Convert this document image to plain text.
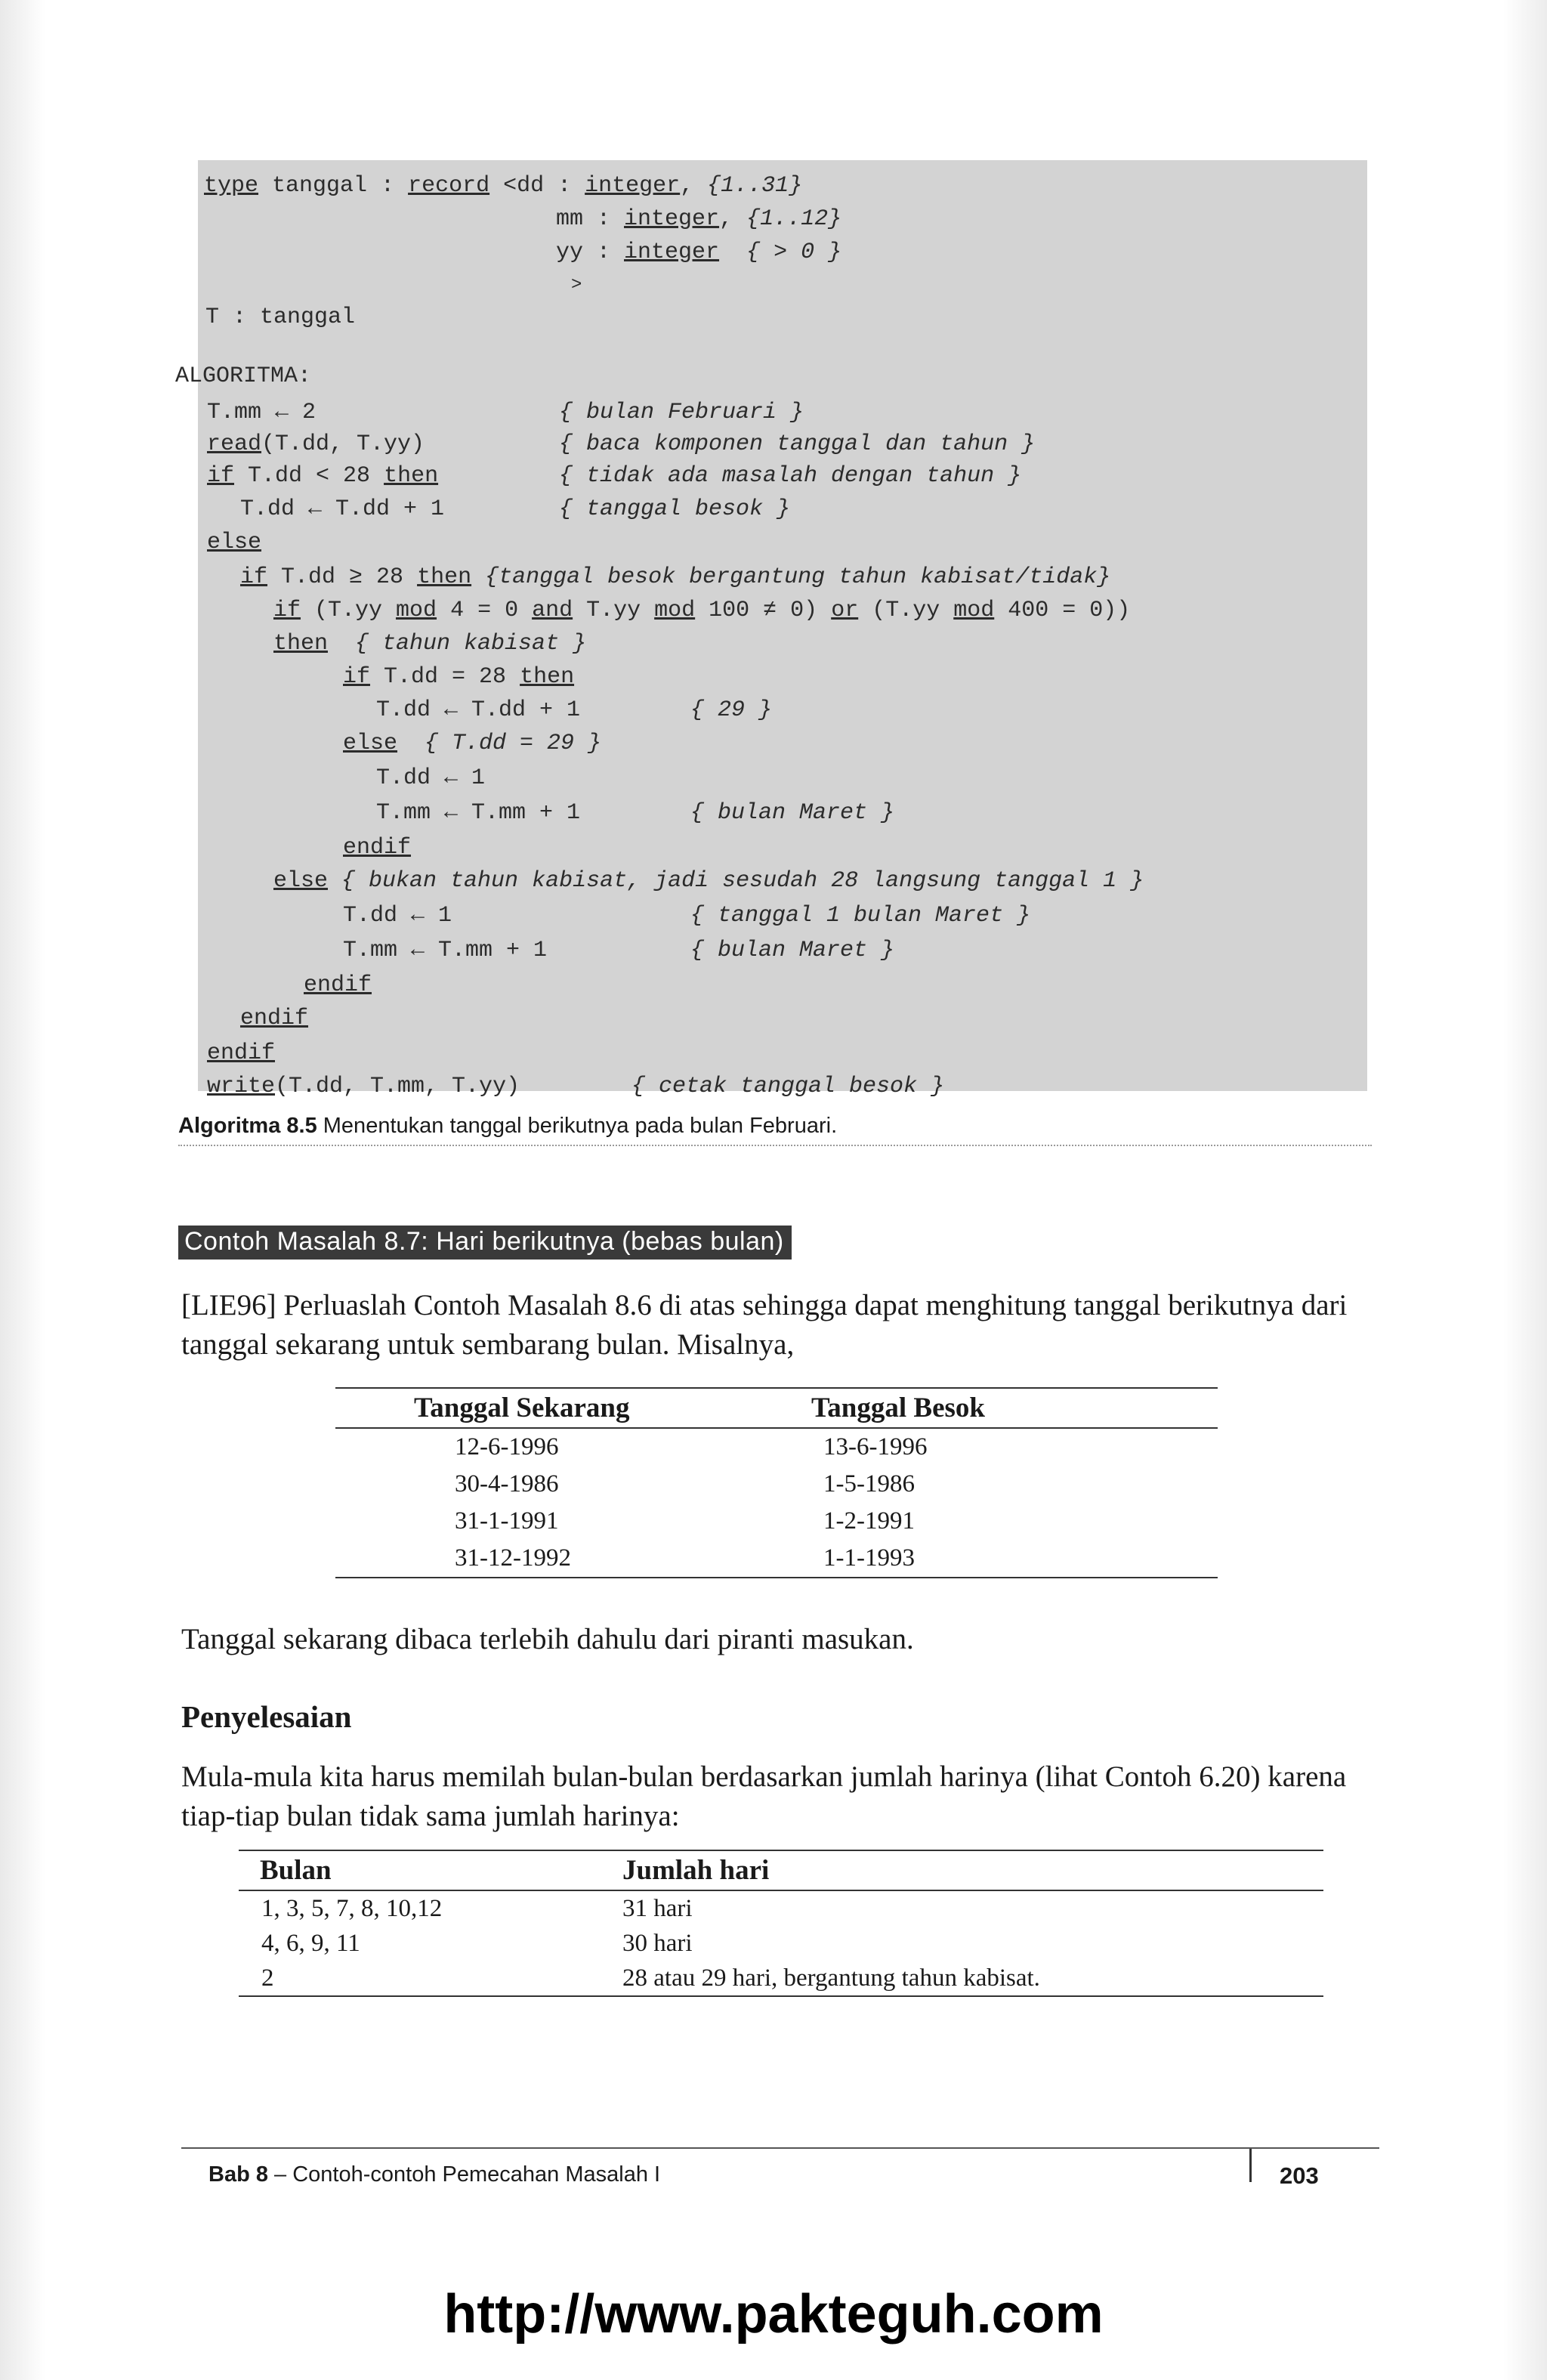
type tanggal : record <dd : integer, {1..31}

mm : integer, {1..12}

yy : integer { > 0 }

>

T : tanggal

ALGORITMA:

T.mm ← 2

	{ bulan Februari }

read(T.dd, T.yy)

	{ baca komponen tanggal dan tahun }

if T.dd < 28 then

	{ tidak ada masalah dengan tahun }

T.dd ← T.dd + 1

	{ tanggal besok }

else

if T.dd ≥ 28 then {tanggal besok bergantung tahun kabisat/tidak}

if (T.yy mod 4 = 0 and T.yy mod 100 ≠ 0) or (T.yy mod 400 = 0))

then  { tahun kabisat }

if T.dd = 28 then

T.dd ← T.dd + 1

	{ 29 }

else  { T.dd = 29 }

T.dd ← 1

T.mm ← T.mm + 1

	{ bulan Maret }

endif

else { bukan tahun kabisat, jadi sesudah 28 langsung tanggal 1 }

T.dd ← 1

	{ tanggal 1 bulan Maret }

T.mm ← T.mm + 1

	{ bulan Maret }

endif

endif

endif

write(T.dd, T.mm, T.yy)

	{ cetak tanggal besok }

Algoritma 8.5 Menentukan tanggal berikutnya pada bulan Februari.
Contoh Masalah 8.7: Hari berikutnya (bebas bulan)
[LIE96] Perluaslah Contoh Masalah 8.6 di atas sehingga dapat menghitung tanggal berikutnya dari tanggal sekarang untuk sembarang bulan. Misalnya,
Tanggal Sekarang	Tanggal Besok
12-6-1996	13-6-1996
30-4-1986	1-5-1986
31-1-1991	1-2-1991
31-12-1992	1-1-1993
Tanggal sekarang dibaca terlebih dahulu dari piranti masukan.
Penyelesaian
Mula-mula kita harus memilah bulan-bulan berdasarkan jumlah harinya (lihat Contoh 6.20) karena tiap-tiap bulan tidak sama jumlah harinya:
Bulan	Jumlah hari
1, 3, 5, 7, 8, 10,12	31 hari
4, 6, 9, 11	30 hari
2	28 atau 29 hari, bergantung tahun kabisat.
Bab 8 – Contoh-contoh Pemecahan Masalah I	203
http://www.pakteguh.com
